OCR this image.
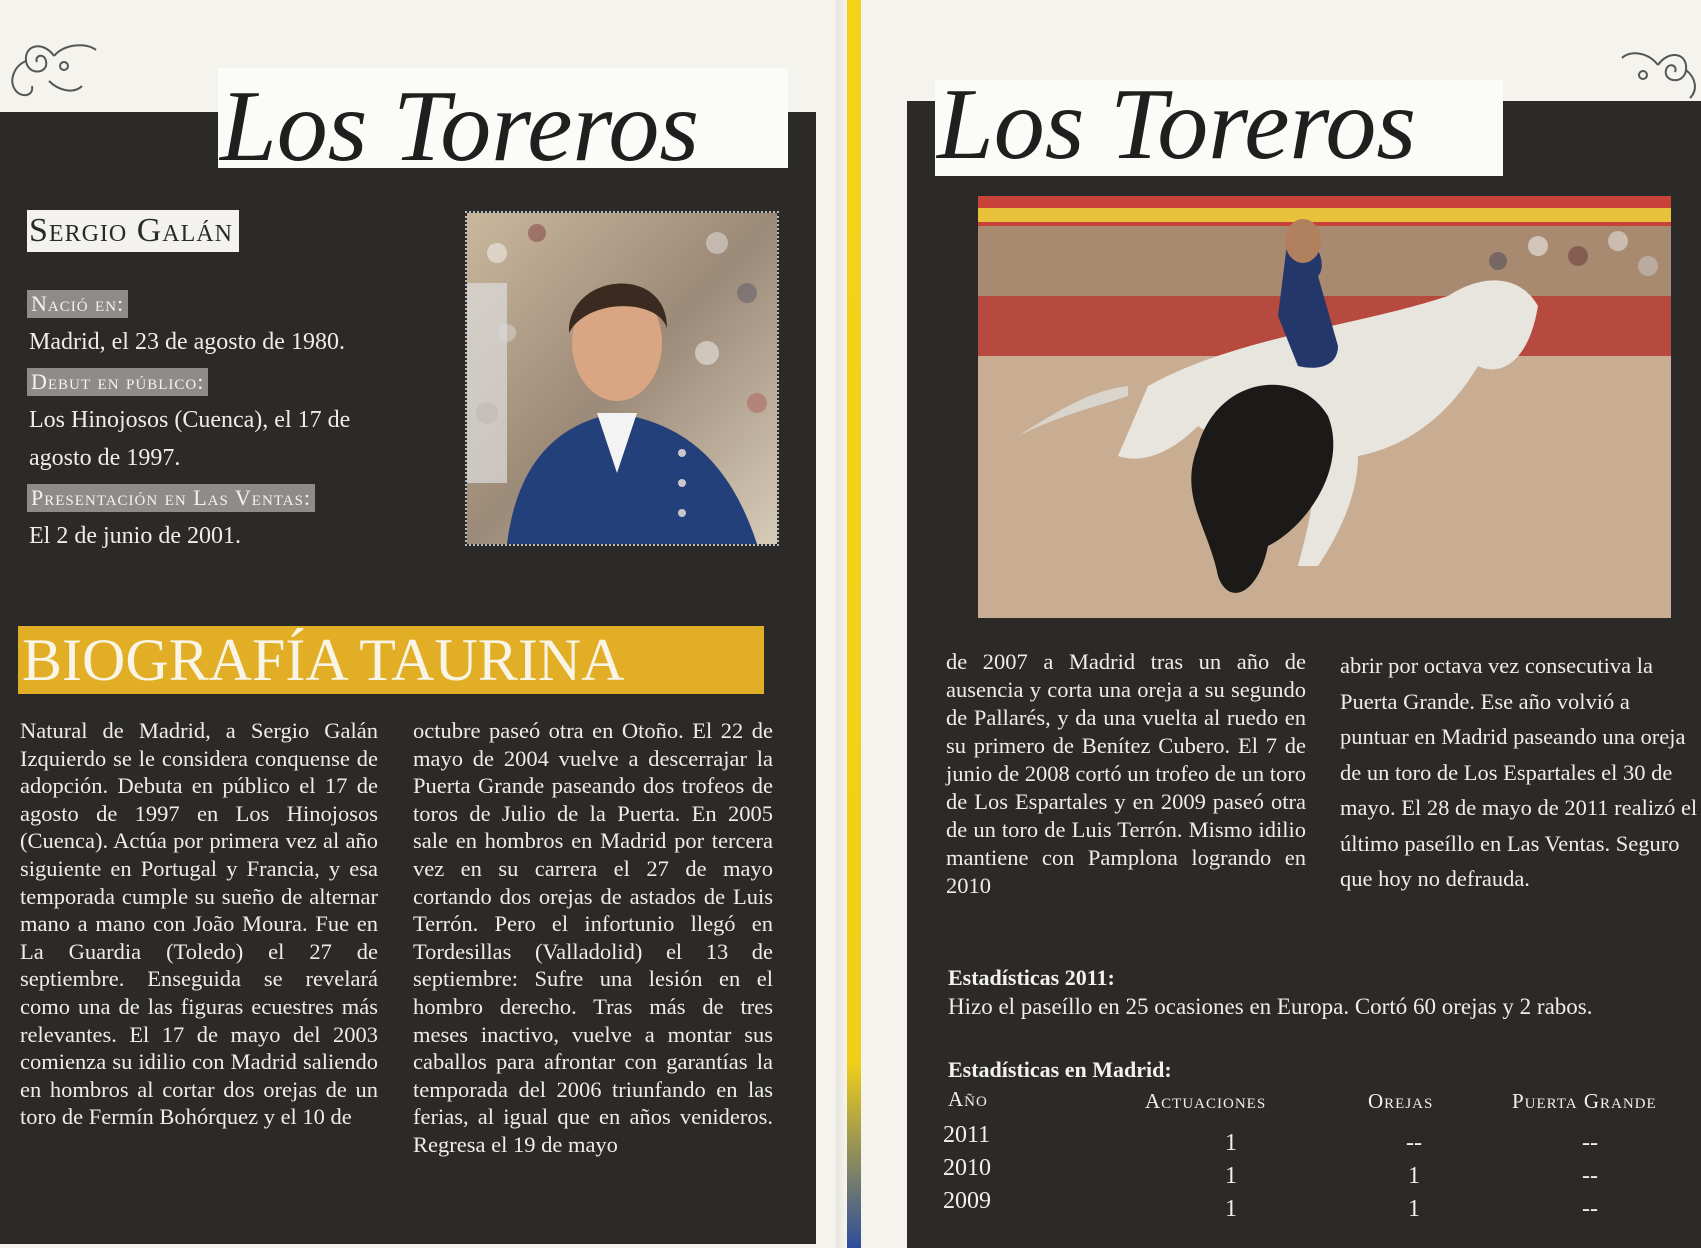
Los Toreros
Sergio Galán
Nació en:
Madrid, el 23 de agosto de 1980.
Debut en público:
Los Hinojosos (Cuenca), el 17 de
agosto de 1997.
Presentación en Las Ventas:
El 2 de junio de 2001.
BIOGRAFÍA TAURINA
Natural de Madrid, a Sergio Galán Izquierdo se le considera conquense de adopción. Debuta en público el 17 de agosto de 1997 en Los Hinojosos (Cuenca). Actúa por primera vez al año siguiente en Portugal y Francia, y esa temporada cumple su sueño de alternar mano a mano con João Moura. Fue en La Guardia (Toledo) el 27 de septiembre. Enseguida se revelará como una de las figuras ecuestres más relevantes. El 17 de mayo del 2003 comienza su idilio con Madrid saliendo en hombros al cortar dos orejas de un toro de Fermín Bohórquez y el 10 de
octubre paseó otra en Otoño. El 22 de mayo de 2004 vuelve a descerrajar la Puerta Grande paseando dos trofeos de toros de Julio de la Puerta. En 2005 sale en hombros en Madrid por tercera vez en su carrera el 27 de mayo cortando dos orejas de astados de Luis Terrón. Pero el infortunio llegó en Tordesillas (Valladolid) el 13 de septiembre: Sufre una lesión en el hombro derecho. Tras más de tres meses inactivo, vuelve a montar sus caballos para afrontar con garantías la temporada del 2006 triunfando en las ferias, al igual que en años venideros. Regresa el 19 de mayo
Los Toreros
de 2007 a Madrid tras un año de ausencia y corta una oreja a su segundo de Pallarés, y da una vuelta al ruedo en su primero de Benítez Cubero. El 7 de junio de 2008 cortó un trofeo de un toro de Los Espartales y en 2009 paseó otra de un toro de Luis Terrón. Mismo idilio mantiene con Pamplona logrando en 2010
abrir por octava vez consecutiva la Puerta Grande. Ese año volvió a puntuar en Madrid paseando una oreja de un toro de Los Espartales el 30 de mayo. El 28 de mayo de 2011 realizó el último paseíllo en Las Ventas. Seguro que hoy no defrauda.
Estadísticas 2011:
Hizo el paseíllo en 25 ocasiones en Europa. Cortó 60 orejas y 2 rabos.
Estadísticas en Madrid:
Año	Actuaciones	Orejas	Puerta Grande
2011	1	--	--
2010	1	1	--
2009	1	1	--
